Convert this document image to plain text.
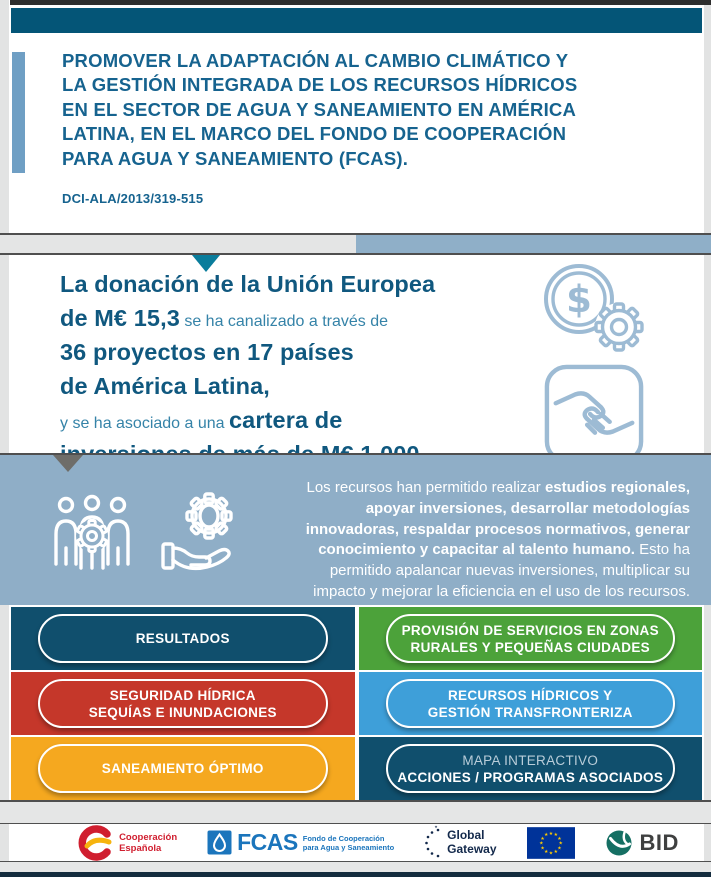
PROMOVER LA ADAPTACIÓN AL CAMBIO CLIMÁTICO Y
LA GESTIÓN INTEGRADA DE LOS RECURSOS HÍDRICOS
EN EL SECTOR DE AGUA Y SANEAMIENTO EN AMÉRICA
LATINA, EN EL MARCO DEL FONDO DE COOPERACIÓN
PARA AGUA Y SANEAMIENTO (FCAS).
DCI-ALA/2013/319-515
La donación de la Unión Europea
de M€ 15,3 se ha canalizado a través de
36 proyectos en 17 países
de América Latina,
y se ha asociado a una cartera de

$
Los recursos han permitido realizar estudios regionales,
apoyar inversiones, desarrollar metodologías
innovadoras, respaldar procesos normativos, generar
conocimiento y capacitar al talento humano. Esto ha
permitido apalancar nuevas inversiones, multiplicar su
impacto y mejorar la eficiencia en el uso de los recursos.
RESULTADOS
PROVISIÓN DE SERVICIOS EN ZONAS
RURALES Y PEQUEÑAS CIUDADES
SEGURIDAD HÍDRICA
SEQUÍAS E INUNDACIONES
RECURSOS HÍDRICOS Y
GESTIÓN TRANSFRONTERIZA
SANEAMIENTO ÓPTIMO
MAPA INTERACTIVO
ACCIONES / PROGRAMAS ASOCIADOS
Cooperación
Española	FCAS Fondo de Cooperación
para Agua y Saneamiento
✦
Global
Gateway
★ ★
★
★
★
★
★
★
★
★
★
★	BID
